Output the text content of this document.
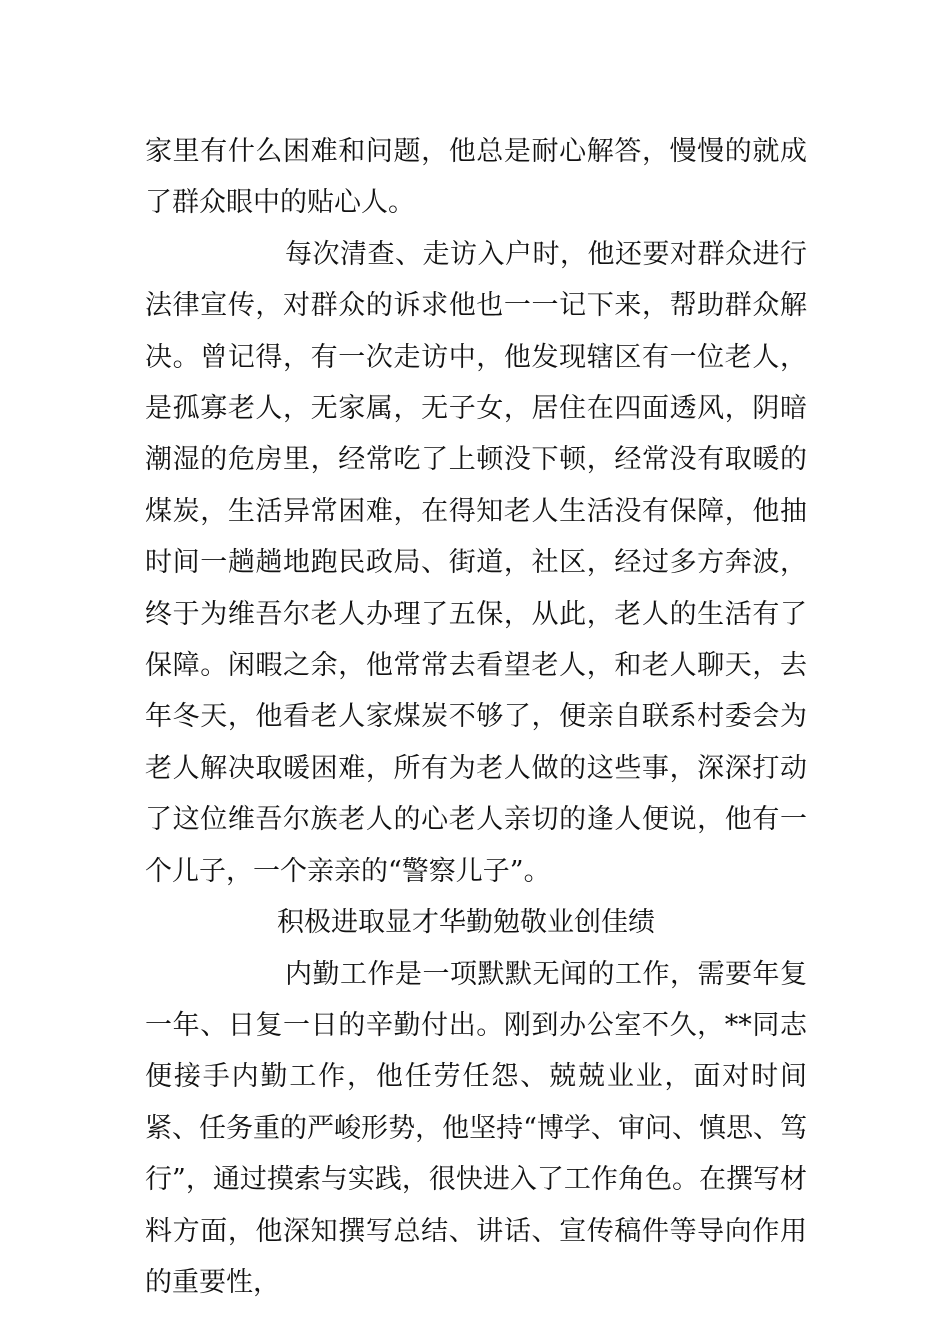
家里有什么困难和问题，他总是耐心解答，慢慢的就成了群众眼中的贴心人。

每次清查、走访入户时，他还要对群众进行法律宣传，对群众的诉求他也一一记下来，帮助群众解决。曾记得，有一次走访中，他发现辖区有一位老人，是孤寡老人，无家属，无子女，居住在四面透风，阴暗潮湿的危房里，经常吃了上顿没下顿，经常没有取暖的煤炭，生活异常困难，在得知老人生活没有保障，他抽时间一趟趟地跑民政局、街道，社区，经过多方奔波，终于为维吾尔老人办理了五保，从此，老人的生活有了保障。闲暇之余，他常常去看望老人，和老人聊天，去年冬天，他看老人家煤炭不够了，便亲自联系村委会为老人解决取暖困难，所有为老人做的这些事，深深打动了这位维吾尔族老人的心老人亲切的逢人便说，他有一个儿子，一个亲亲的“警察儿子”。

积极进取显才华勤勉敬业创佳绩

内勤工作是一项默默无闻的工作，需要年复一年、日复一日的辛勤付出。刚到办公室不久，**同志便接手内勤工作，他任劳任怨、兢兢业业，面对时间紧、任务重的严峻形势，他坚持“博学、审问、慎思、笃行”，通过摸索与实践，很快进入了工作角色。在撰写材料方面，他深知撰写总结、讲话、宣传稿件等导向作用的重要性，
